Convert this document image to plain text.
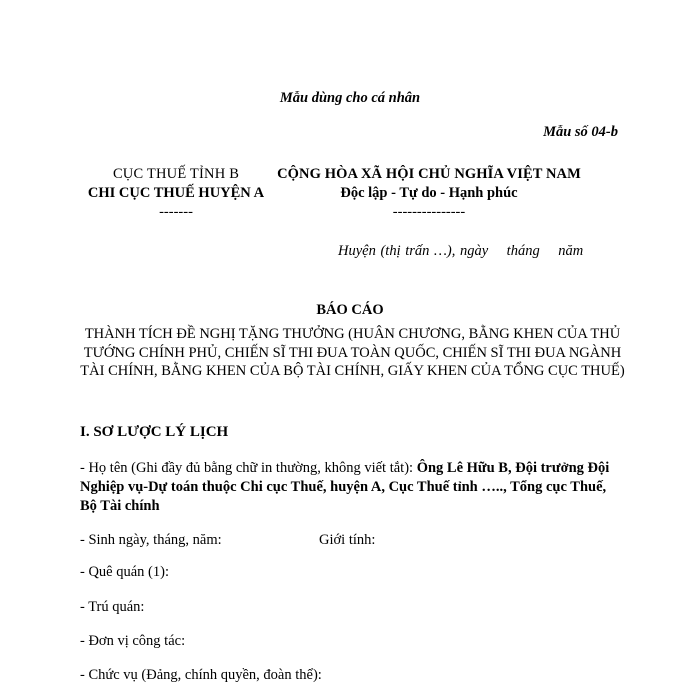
Mẫu dùng cho cá nhân
Mẫu số 04-b
CỤC THUẾ TỈNH B
CHI CỤC THUẾ HUYỆN A
-------
CỘNG HÒA XÃ HỘI CHỦ NGHĨA VIỆT NAM
Độc lập - Tự do - Hạnh phúc
---------------
Huyện (thị trấn …), ngày    tháng    năm
BÁO CÁO
THÀNH TÍCH ĐỀ NGHỊ TẶNG THƯỞNG (HUÂN CHƯƠNG, BẰNG KHEN CỦA THỦ TƯỚNG CHÍNH PHỦ, CHIẾN SĨ THI ĐUA TOÀN QUỐC, CHIẾN SĨ THI ĐUA NGÀNH TÀI CHÍNH, BẰNG KHEN CỦA BỘ TÀI CHÍNH, GIẤY KHEN CỦA TỔNG CỤC THUẾ)
I. SƠ LƯỢC LÝ LỊCH
- Họ tên (Ghi đầy đủ bằng chữ in thường, không viết tắt): Ông Lê Hữu B, Đội trưởng Đội Nghiệp vụ-Dự toán thuộc Chi cục Thuế, huyện A, Cục Thuế tỉnh ….., Tổng cục Thuế, Bộ Tài chính
- Sinh ngày, tháng, năm:	Giới tính:
- Quê quán (1):
- Trú quán:
- Đơn vị công tác:
- Chức vụ (Đảng, chính quyền, đoàn thể):
